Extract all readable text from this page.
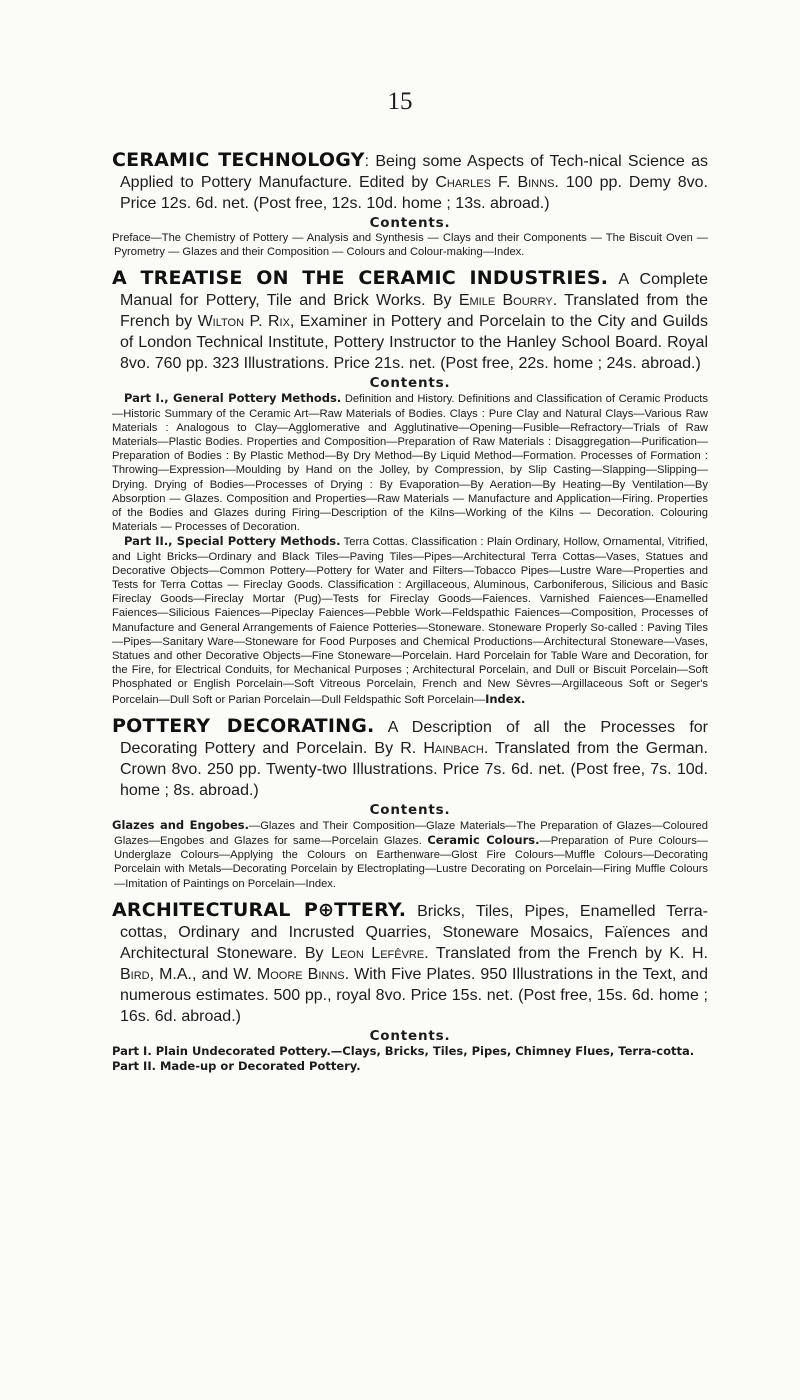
15

CERAMIC TECHNOLOGY: Being some Aspects of Tech-nical Science as Applied to Pottery Manufacture. Edited by Charles F. Binns. 100 pp. Demy 8vo. Price 12s. 6d. net. (Post free, 12s. 10d. home ; 13s. abroad.)

Contents.

Preface—The Chemistry of Pottery — Analysis and Synthesis — Clays and their Components — The Biscuit Oven — Pyrometry — Glazes and their Composition — Colours and Colour-making—Index.

A TREATISE ON THE CERAMIC INDUSTRIES. A Complete Manual for Pottery, Tile and Brick Works. By Emile Bourry. Translated from the French by Wilton P. Rix, Examiner in Pottery and Porcelain to the City and Guilds of London Technical Institute, Pottery Instructor to the Hanley School Board. Royal 8vo. 760 pp. 323 Illustrations. Price 21s. net. (Post free, 22s. home ; 24s. abroad.)

Contents.

Part I., General Pottery Methods. Definition and History. Definitions and Classification of Ceramic Products—Historic Summary of the Ceramic Art—Raw Materials of Bodies. Clays : Pure Clay and Natural Clays—Various Raw Materials : Analogous to Clay—Agglomerative and Agglutinative—Opening—Fusible—Refractory—Trials of Raw Materials—Plastic Bodies. Properties and Composition—Preparation of Raw Materials : Disaggregation—Purification—Preparation of Bodies : By Plastic Method—By Dry Method—By Liquid Method—Formation. Processes of Formation : Throwing—Expression—Moulding by Hand on the Jolley, by Compression, by Slip Casting—Slapping—Slipping—Drying. Drying of Bodies—Processes of Drying : By Evaporation—By Aeration—By Heating—By Ventilation—By Absorption — Glazes. Composition and Properties—Raw Materials — Manufacture and Application—Firing. Properties of the Bodies and Glazes during Firing—Description of the Kilns—Working of the Kilns — Decoration. Colouring Materials — Processes of Decoration.

Part II., Special Pottery Methods. Terra Cottas. Classification : Plain Ordinary, Hollow, Ornamental, Vitrified, and Light Bricks—Ordinary and Black Tiles—Paving Tiles—Pipes—Architectural Terra Cottas—Vases, Statues and Decorative Objects—Common Pottery—Pottery for Water and Filters—Tobacco Pipes—Lustre Ware—Properties and Tests for Terra Cottas — Fireclay Goods. Classification : Argillaceous, Aluminous, Carboniferous, Silicious and Basic Fireclay Goods—Fireclay Mortar (Pug)—Tests for Fireclay Goods—Faiences. Varnished Faiences—Enamelled Faiences—Silicious Faiences—Pipeclay Faiences—Pebble Work—Feldspathic Faiences—Composition, Processes of Manufacture and General Arrangements of Faience Potteries—Stoneware. Stoneware Properly So-called : Paving Tiles—Pipes—Sanitary Ware—Stoneware for Food Purposes and Chemical Productions—Architectural Stoneware—Vases, Statues and other Decorative Objects—Fine Stoneware—Porcelain. Hard Porcelain for Table Ware and Decoration, for the Fire, for Electrical Conduits, for Mechanical Purposes ; Architectural Porcelain, and Dull or Biscuit Porcelain—Soft Phosphated or English Porcelain—Soft Vitreous Porcelain, French and New Sèvres—Argillaceous Soft or Seger's Porcelain—Dull Soft or Parian Porcelain—Dull Feldspathic Soft Porcelain—Index.

POTTERY DECORATING. A Description of all the Processes for Decorating Pottery and Porcelain. By R. Hainbach. Translated from the German. Crown 8vo. 250 pp. Twenty-two Illustrations. Price 7s. 6d. net. (Post free, 7s. 10d. home ; 8s. abroad.)

Contents.

Glazes and Engobes.—Glazes and Their Composition—Glaze Materials—The Preparation of Glazes—Coloured Glazes—Engobes and Glazes for same—Porcelain Glazes. Ceramic Colours.—Preparation of Pure Colours—Underglaze Colours—Applying the Colours on Earthenware—Glost Fire Colours—Muffle Colours—Decorating Porcelain with Metals—Decorating Porcelain by Electroplating—Lustre Decorating on Porcelain—Firing Muffle Colours—Imitation of Paintings on Porcelain—Index.

ARCHITECTURAL P⊕TTERY. Bricks, Tiles, Pipes, Enamelled Terra-cottas, Ordinary and Incrusted Quarries, Stoneware Mosaics, Faïences and Architectural Stoneware. By Leon Lefêvre. Translated from the French by K. H. Bird, M.A., and W. Moore Binns. With Five Plates. 950 Illustrations in the Text, and numerous estimates. 500 pp., royal 8vo. Price 15s. net. (Post free, 15s. 6d. home ; 16s. 6d. abroad.)

Contents.

Part I. Plain Undecorated Pottery.—Clays, Bricks, Tiles, Pipes, Chimney Flues, Terra-cotta.

Part II. Made-up or Decorated Pottery.
